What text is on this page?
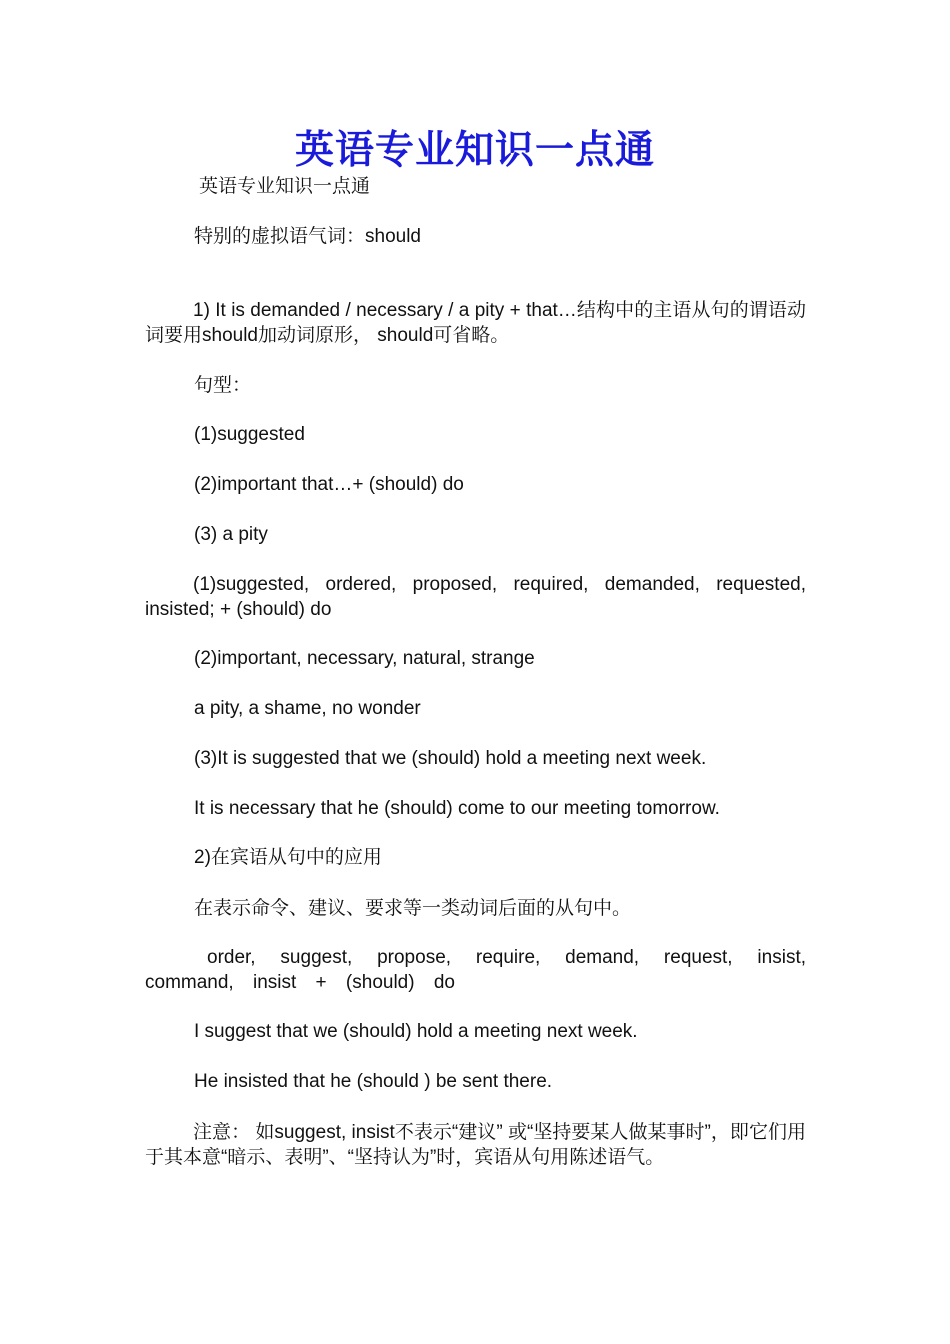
英语专业知识一点通
英语专业知识一点通
特别的虚拟语气词：should
1) It is demanded / necessary / a pity + that…结构中的主语从句的谓语动词要用should加动词原形， should可省略。
句型：
(1)suggested
(2)important that…+ (should) do
(3) a pity
(1)suggested, ordered, proposed, required, demanded, requested, insisted; + (should) do
(2)important, necessary, natural, strange
a pity, a shame, no wonder
(3)It is suggested that we (should) hold a meeting next week.
It is necessary that he (should) come to our meeting tomorrow.
2)在宾语从句中的应用
在表示命令、建议、要求等一类动词后面的从句中。
order, suggest, propose, require, demand, request, insist, command, insist + (should) do
I suggest that we (should) hold a meeting next week.
He insisted that he (should ) be sent there.
注意： 如suggest, insist不表示“建议” 或“坚持要某人做某事时”，即它们用于其本意“暗示、表明”、“坚持认为”时，宾语从句用陈述语气。
